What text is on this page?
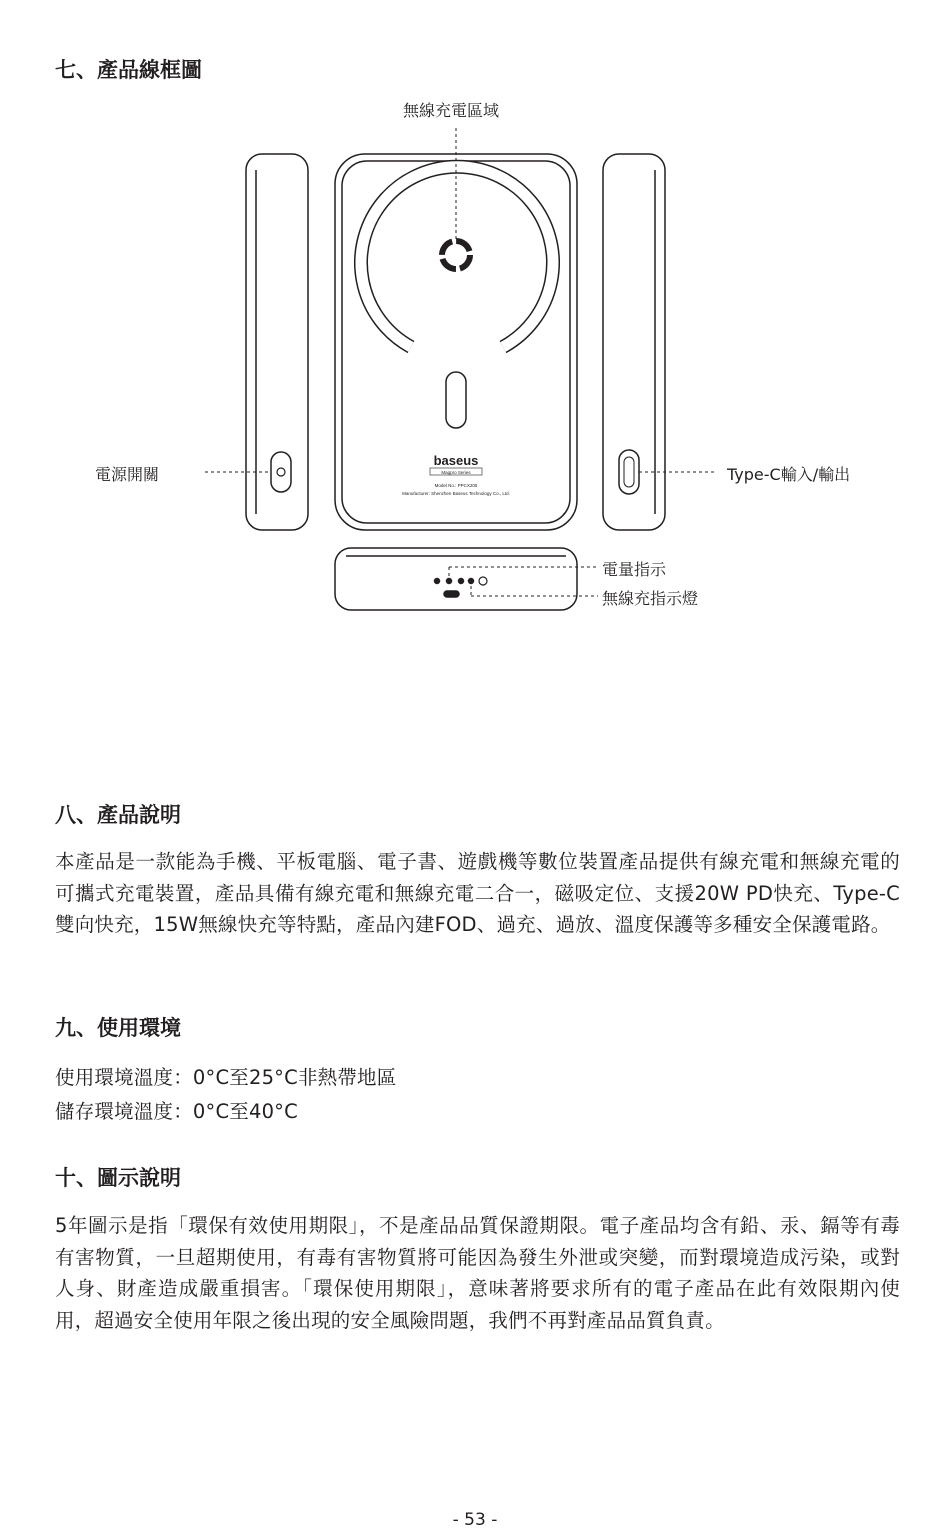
七、產品線框圖
baseus
Magpro Series
Model No.: PPCX205
Manufacturer: Shenzhen Baseus Technology Co., Ltd.
無線充電區域
電源開關	Type-C輸入/輸出
電量指示
無線充指示燈
八、產品說明

本產品是一款能為手機、平板電腦、電子書、遊戲機等數位裝置產品提供有線充電和無線充電的可攜式充電裝置，產品具備有線充電和無線充電二合一，磁吸定位、支援20W PD快充、Type-C雙向快充，15W無線快充等特點，產品內建FOD、過充、過放、溫度保護等多種安全保護電路。

九、使用環境

使用環境溫度：0°C至25°C非熱帶地區

儲存環境溫度：0°C至40°C

十、圖示說明

5年圖示是指「環保有效使用期限」，不是產品品質保證期限。電子產品均含有鉛、汞、鎘等有毒有害物質，一旦超期使用，有毒有害物質將可能因為發生外泄或突變，而對環境造成污染，或對人身、財產造成嚴重損害。「環保使用期限」，意味著將要求所有的電子產品在此有效限期內使用，超過安全使用年限之後出現的安全風險問題，我們不再對產品品質負責。

- 53 -
